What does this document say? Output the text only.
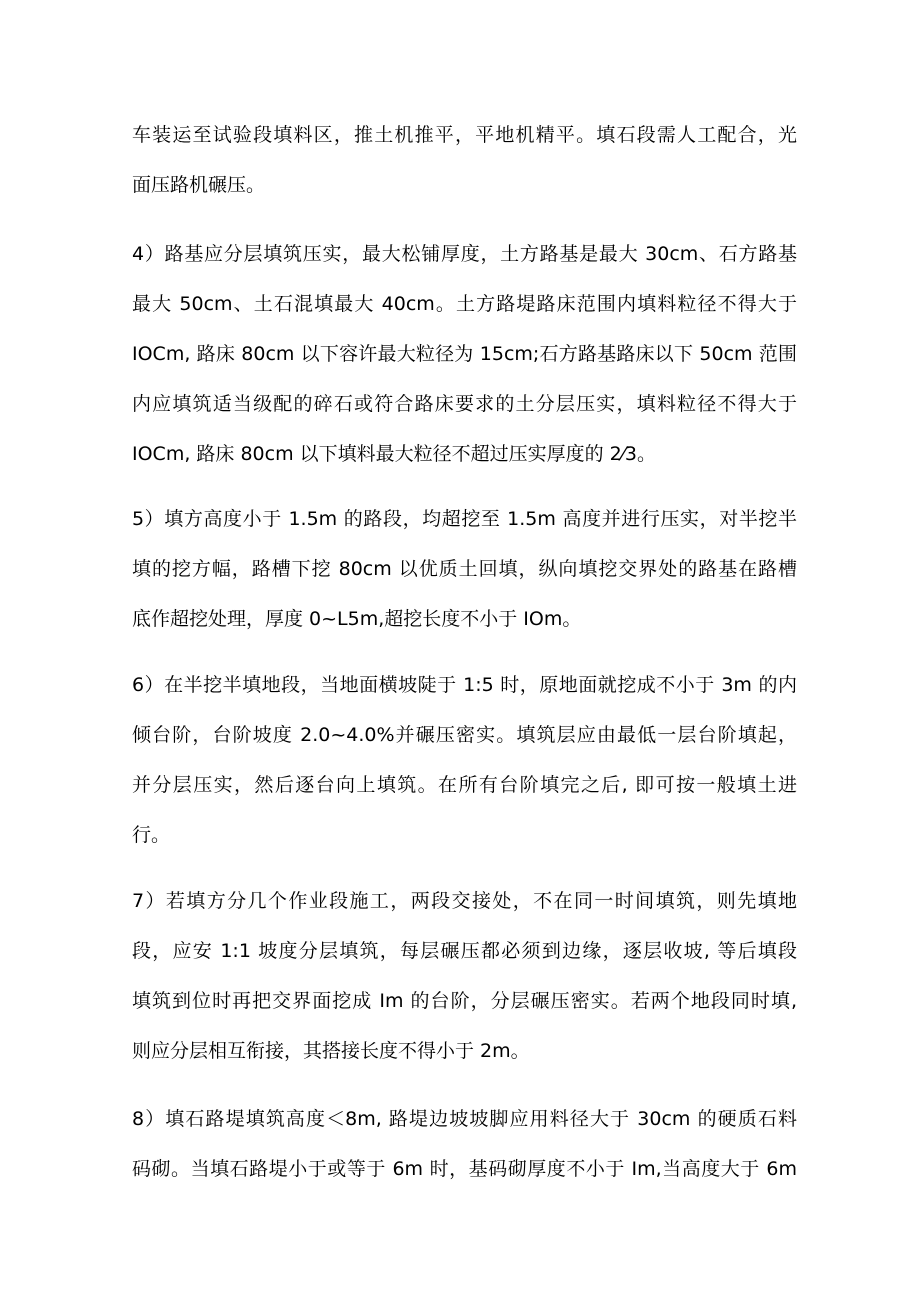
车装运至试验段填料区，推土机推平，平地机精平。填石段需人工配合，光
面压路机碾压。
4）路基应分层填筑压实，最大松铺厚度，土方路基是最大 30cm、石方路基
最大 50cm、土石混填最大 40cm。土方路堤路床范围内填料粒径不得大于
IOCm, 路床 80cm 以下容许最大粒径为 15cm;石方路基路床以下 50cm 范围
内应填筑适当级配的碎石或符合路床要求的土分层压实，填料粒径不得大于
IOCm, 路床 80cm 以下填料最大粒径不超过压实厚度的 2⁄3。
5）填方高度小于 1.5m 的路段，均超挖至 1.5m 高度并进行压实，对半挖半
填的挖方幅，路槽下挖 80cm 以优质土回填，纵向填挖交界处的路基在路槽
底作超挖处理，厚度 0~L5m,超挖长度不小于 IOm。
6）在半挖半填地段，当地面横坡陡于 1:5 时，原地面就挖成不小于 3m 的内
倾台阶，台阶坡度 2.0~4.0%并碾压密实。填筑层应由最低一层台阶填起，
并分层压实，然后逐台向上填筑。在所有台阶填完之后, 即可按一般填土进
行。
7）若填方分几个作业段施工，两段交接处，不在同一时间填筑，则先填地
段，应安 1:1 坡度分层填筑，每层碾压都必须到边缘，逐层收坡, 等后填段
填筑到位时再把交界面挖成 Im 的台阶，分层碾压密实。若两个地段同时填,
则应分层相互衔接，其搭接长度不得小于 2m。
8）填石路堤填筑高度＜8m, 路堤边坡坡脚应用料径大于 30cm 的硬质石料
码砌。当填石路堤小于或等于 6m 时，基码砌厚度不小于 Im,当高度大于 6m
